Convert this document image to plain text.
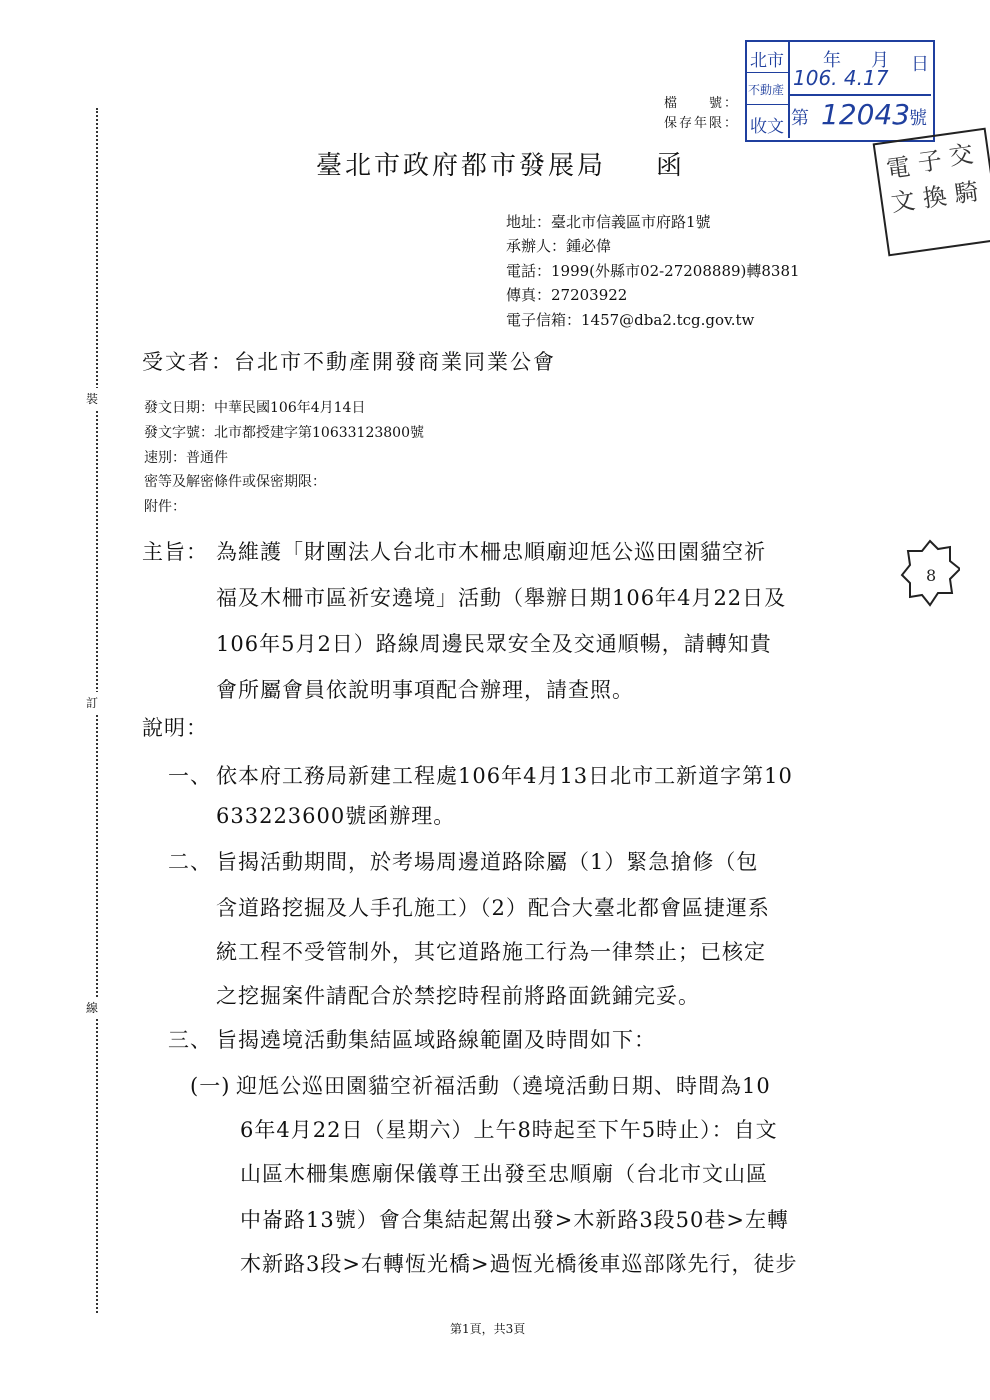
裝
訂
線
檔　　號：
保存年限：
北市
不動產
收文
年 月 日
106. 4.17
第 12043
號
電 子 交
文 換 騎
8
臺北市政府都市發展局 函
地址：臺北市信義區市府路1號
承辦人：鍾必偉
電話：1999(外縣市02-27208889)轉8381
傳真：27203922
電子信箱：1457@dba2.tcg.gov.tw
受文者：台北市不動產開發商業同業公會
發文日期：中華民國106年4月14日
發文字號：北市都授建字第10633123800號
速別：普通件
密等及解密條件或保密期限：
附件：
主旨： 為維護「財團法人台北市木柵忠順廟迎尪公巡田園貓空祈
福及木柵市區祈安遶境」活動（舉辦日期106年4月22日及
106年5月2日）路線周邊民眾安全及交通順暢，請轉知貴
會所屬會員依說明事項配合辦理，請查照。
說明：
一、 依本府工務局新建工程處106年4月13日北市工新道字第10
633223600號函辦理。
二、 旨揭活動期間，於考場周邊道路除屬（1）緊急搶修（包
含道路挖掘及人手孔施工）（2）配合大臺北都會區捷運系
統工程不受管制外，其它道路施工行為一律禁止；已核定
之挖掘案件請配合於禁挖時程前將路面銑鋪完妥。
三、 旨揭遶境活動集結區域路線範圍及時間如下：
(一) 迎尪公巡田園貓空祈福活動（遶境活動日期、時間為10
6年4月22日（星期六）上午8時起至下午5時止）：自文
山區木柵集應廟保儀尊王出發至忠順廟（台北市文山區
中崙路13號）會合集結起駕出發>木新路3段50巷>左轉
木新路3段>右轉恆光橋>過恆光橋後車巡部隊先行，徒步
第1頁，共3頁
